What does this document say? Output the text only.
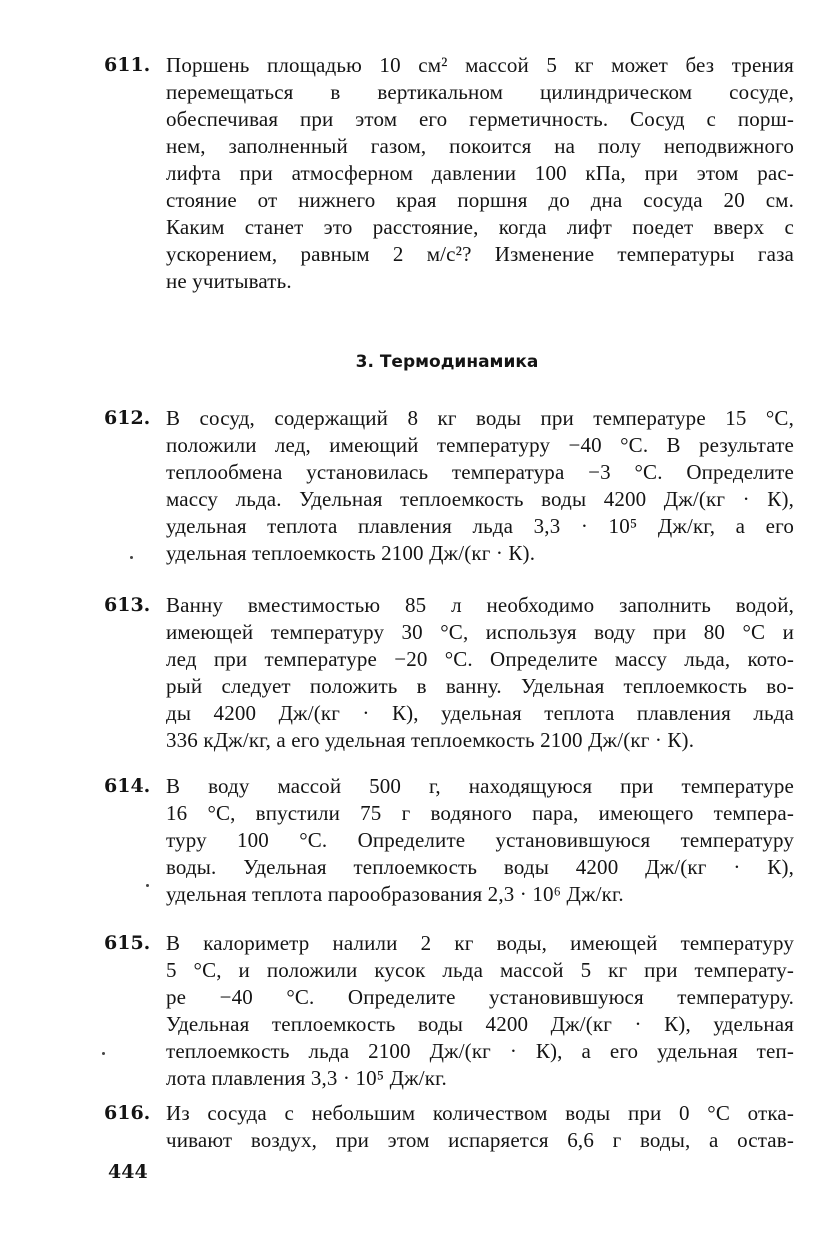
611. Поршень площадью 10 см² массой 5 кг может без трения
перемещаться в вертикальном цилиндрическом сосуде,
обеспечивая при этом его герметичность. Сосуд с порш-
нем, заполненный газом, покоится на полу неподвижного
лифта при атмосферном давлении 100 кПа, при этом рас-
стояние от нижнего края поршня до дна сосуда 20 см.
Каким станет это расстояние, когда лифт поедет вверх с
ускорением, равным 2 м/с²? Изменение температуры газа
не учитывать.
3. Термодинамика
612. В сосуд, содержащий 8 кг воды при температуре 15 °С,
положили лед, имеющий температуру −40 °С. В результате
теплообмена установилась температура −3 °С. Определите
массу льда. Удельная теплоемкость воды 4200 Дж/(кг · К),
удельная теплота плавления льда 3,3 · 10⁵ Дж/кг, а его
удельная теплоемкость 2100 Дж/(кг · К).
613. Ванну вместимостью 85 л необходимо заполнить водой,
имеющей температуру 30 °С, используя воду при 80 °С и
лед при температуре −20 °С. Определите массу льда, кото-
рый следует положить в ванну. Удельная теплоемкость во-
ды 4200 Дж/(кг · К), удельная теплота плавления льда
336 кДж/кг, а его удельная теплоемкость 2100 Дж/(кг · К).
614. В воду массой 500 г, находящуюся при температуре
16 °С, впустили 75 г водяного пара, имеющего темпера-
туру 100 °С. Определите установившуюся температуру
воды. Удельная теплоемкость воды 4200 Дж/(кг · К),
удельная теплота парообразования 2,3 · 10⁶ Дж/кг.
615. В калориметр налили 2 кг воды, имеющей температуру
5 °С, и положили кусок льда массой 5 кг при температу-
ре −40 °С. Определите установившуюся температуру.
Удельная теплоемкость воды 4200 Дж/(кг · К), удельная
теплоемкость льда 2100 Дж/(кг · К), а его удельная теп-
лота плавления 3,3 · 10⁵ Дж/кг.
616. Из сосуда с небольшим количеством воды при 0 °С отка-
чивают воздух, при этом испаряется 6,6 г воды, а остав-
444
